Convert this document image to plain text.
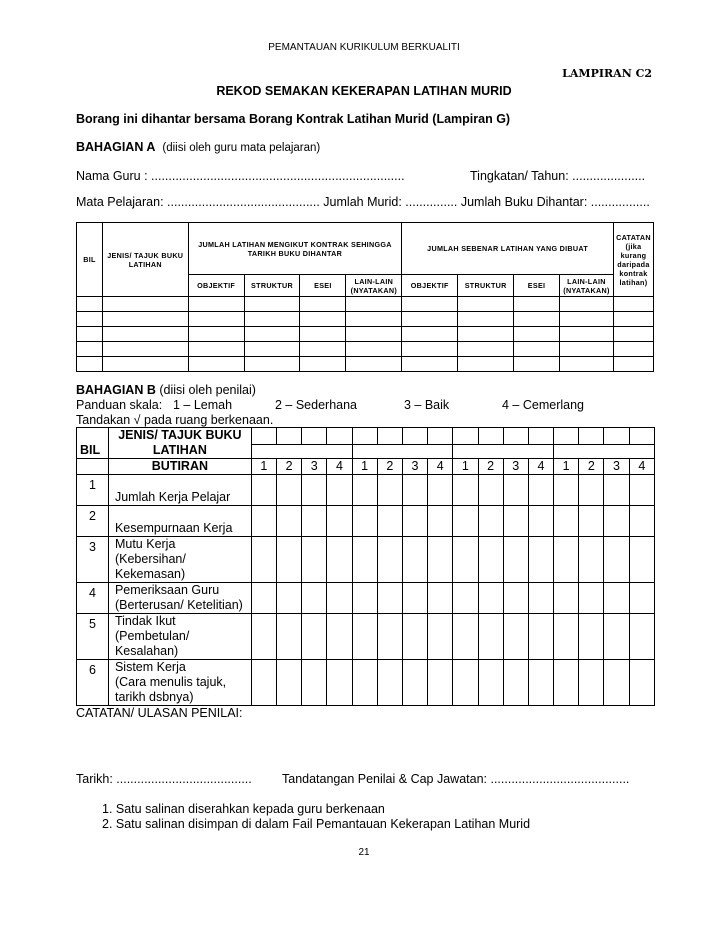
PEMANTAUAN KURIKULUM BERKUALITI
LAMPIRAN C2
REKOD SEMAKAN KEKERAPAN LATIHAN MURID
Borang ini dihantar bersama Borang Kontrak Latihan Murid (Lampiran G)
BAHAGIAN A (diisi oleh guru mata pelajaran)
Nama Guru : .........................................................................	Tingkatan/ Tahun: .....................
Mata Pelajaran: ............................................ Jumlah Murid: ............... Jumlah Buku Dihantar: .................
BIL	JENIS/ TAJUK BUKU LATIHAN	JUMLAH LATIHAN MENGIKUT KONTRAK SEHINGGA TARIKH BUKU DIHANTAR				JUMLAH SEBENAR LATIHAN YANG DIBUAT				CATATAN (jika kurang daripada kontrak latihan)
		OBJEKTIF	STRUKTUR	ESEI	LAIN-LAIN (NYATAKAN)	OBJEKTIF	STRUKTUR	ESEI	LAIN-LAIN (NYATAKAN)	

BAHAGIAN B (diisi oleh penilai)
Panduan skala: 1 – Lemah	2 – Sederhana	3 – Baik	4 – Cemerlang
Tandakan √ pada ruang berkenaan.
BIL	JENIS/ TAJUK BUKU LATIHAN																

	BUTIRAN	1	2	3	4	1	2	3	4	1	2	3	4	1	2	3	4
1	Jumlah Kerja Pelajar																

2	Kesempurnaan Kerja																

3	Mutu Kerja
(Kebersihan/
Kekemasan)																

4	Pemeriksaan Guru
(Berterusan/ Ketelitian)																

5	Tindak Ikut
(Pembetulan/
Kesalahan)																

6	Sistem Kerja
(Cara menulis tajuk,
tarikh dsbnya)																

CATATAN/ ULASAN PENILAI:
Tarikh: ....................................... Tandatangan Penilai & Cap Jawatan: ........................................
1. Satu salinan diserahkan kepada guru berkenaan
2. Satu salinan disimpan di dalam Fail Pemantauan Kekerapan Latihan Murid
21
